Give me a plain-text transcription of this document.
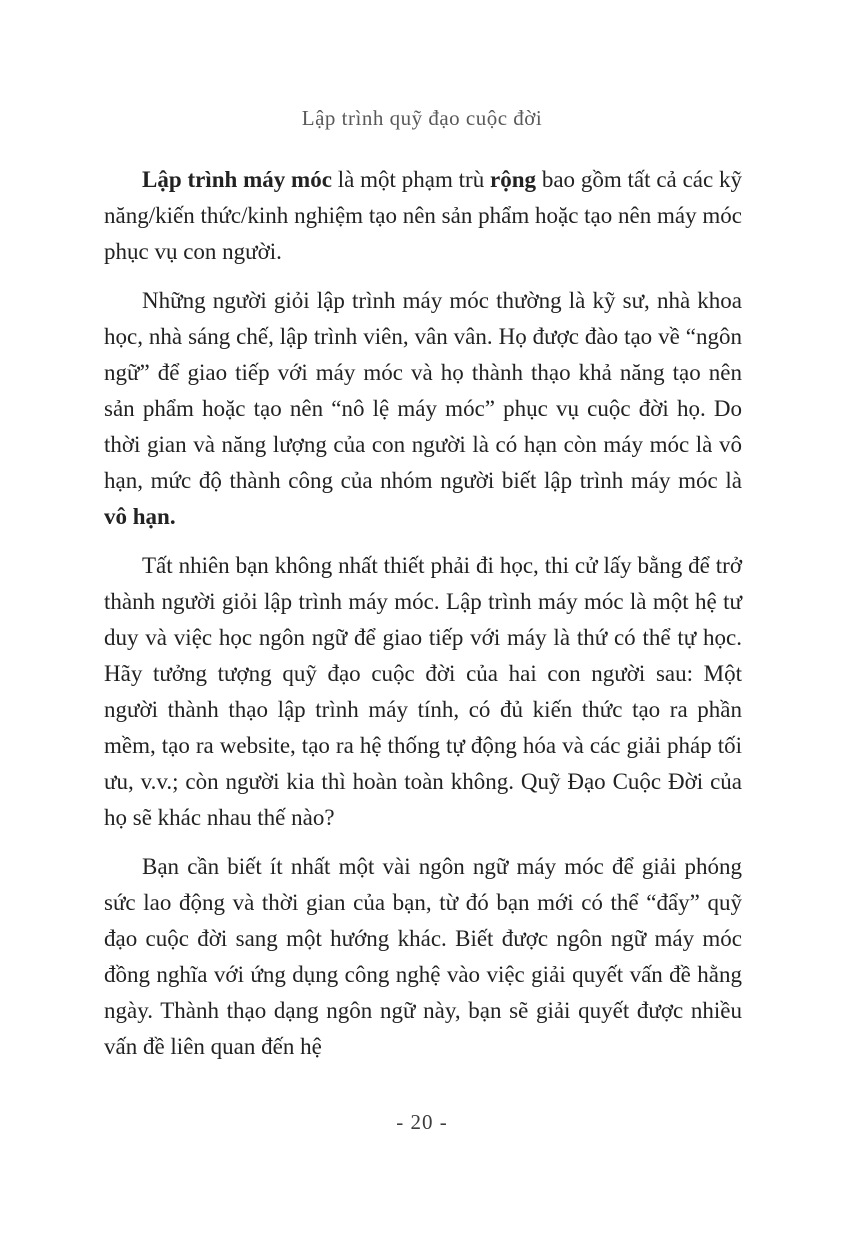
Lập trình quỹ đạo cuộc đời

Lập trình máy móc là một phạm trù rộng bao gồm tất cả các kỹ năng/kiến thức/kinh nghiệm tạo nên sản phẩm hoặc tạo nên máy móc phục vụ con người.

Những người giỏi lập trình máy móc thường là kỹ sư, nhà khoa học, nhà sáng chế, lập trình viên, vân vân. Họ được đào tạo về “ngôn ngữ” để giao tiếp với máy móc và họ thành thạo khả năng tạo nên sản phẩm hoặc tạo nên “nô lệ máy móc” phục vụ cuộc đời họ. Do thời gian và năng lượng của con người là có hạn còn máy móc là vô hạn, mức độ thành công của nhóm người biết lập trình máy móc là vô hạn.

Tất nhiên bạn không nhất thiết phải đi học, thi cử lấy bằng để trở thành người giỏi lập trình máy móc. Lập trình máy móc là một hệ tư duy và việc học ngôn ngữ để giao tiếp với máy là thứ có thể tự học. Hãy tưởng tượng quỹ đạo cuộc đời của hai con người sau: Một người thành thạo lập trình máy tính, có đủ kiến thức tạo ra phần mềm, tạo ra website, tạo ra hệ thống tự động hóa và các giải pháp tối ưu, v.v.; còn người kia thì hoàn toàn không. Quỹ Đạo Cuộc Đời của họ sẽ khác nhau thế nào?

Bạn cần biết ít nhất một vài ngôn ngữ máy móc để giải phóng sức lao động và thời gian của bạn, từ đó bạn mới có thể “đẩy” quỹ đạo cuộc đời sang một hướng khác. Biết được ngôn ngữ máy móc đồng nghĩa với ứng dụng công nghệ vào việc giải quyết vấn đề hằng ngày. Thành thạo dạng ngôn ngữ này, bạn sẽ giải quyết được nhiều vấn đề liên quan đến hệ

- 20 -
